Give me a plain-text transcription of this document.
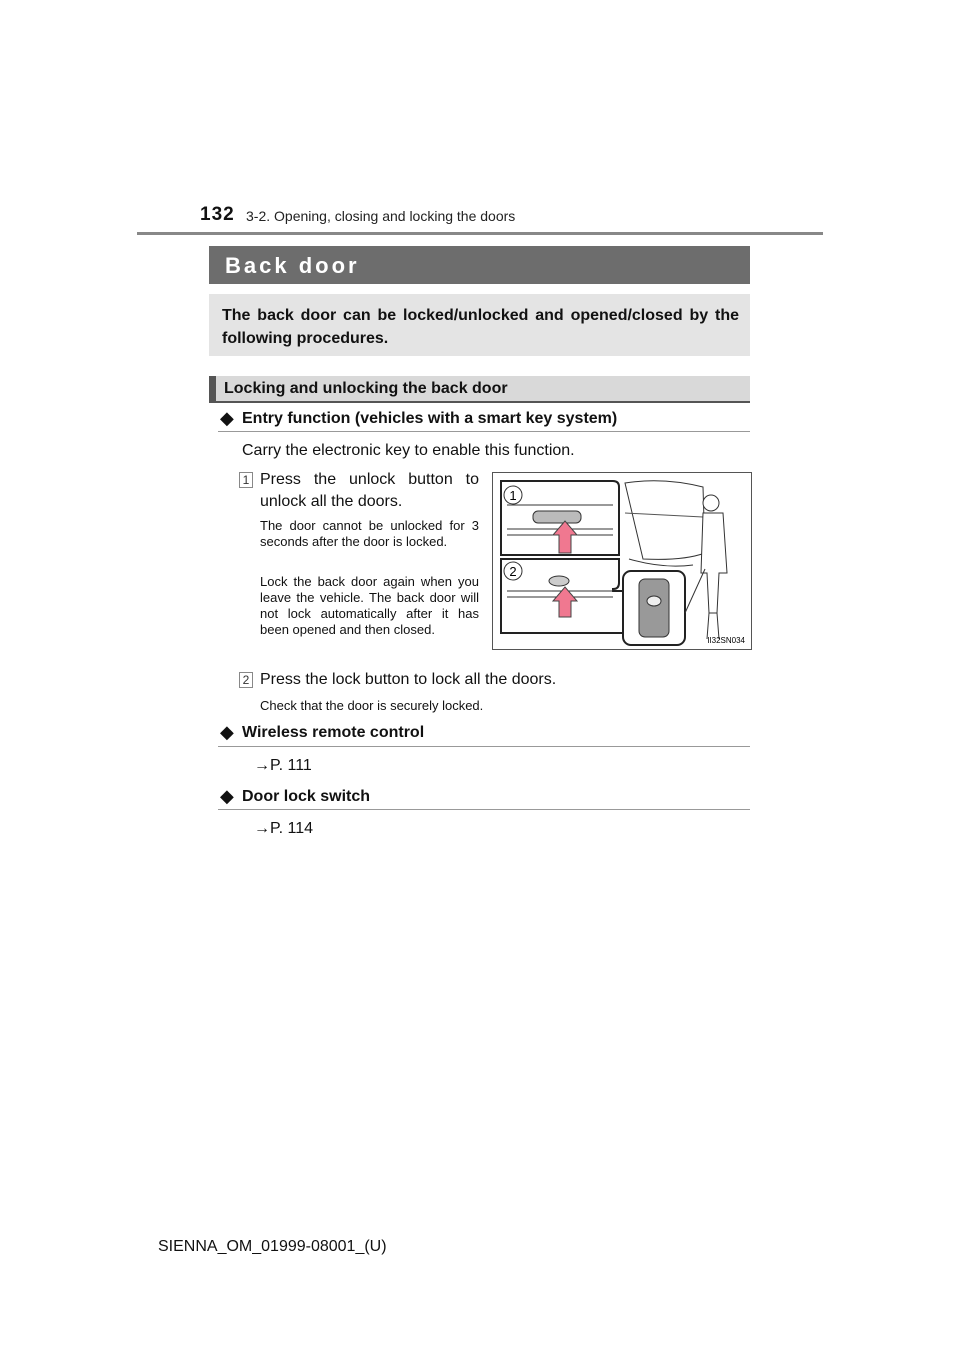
132 3-2. Opening, closing and locking the doors
Back door
The back door can be locked/unlocked and opened/closed by the following procedures.
Locking and unlocking the back door
◆ Entry function (vehicles with a smart key system)
Carry the electronic key to enable this function.
1 Press the unlock button to
unlock all the doors.
The door cannot be unlocked for 3 seconds after the door is locked.
Lock the back door again when you leave the vehicle. The back door will not lock automatically after it has been opened and then closed.
1
2
II32SN034
2 Press the lock button to lock all the doors.
Check that the door is securely locked.
◆ Wireless remote control
→P. 111
◆ Door lock switch
→P. 114
SIENNA_OM_01999-08001_(U)
